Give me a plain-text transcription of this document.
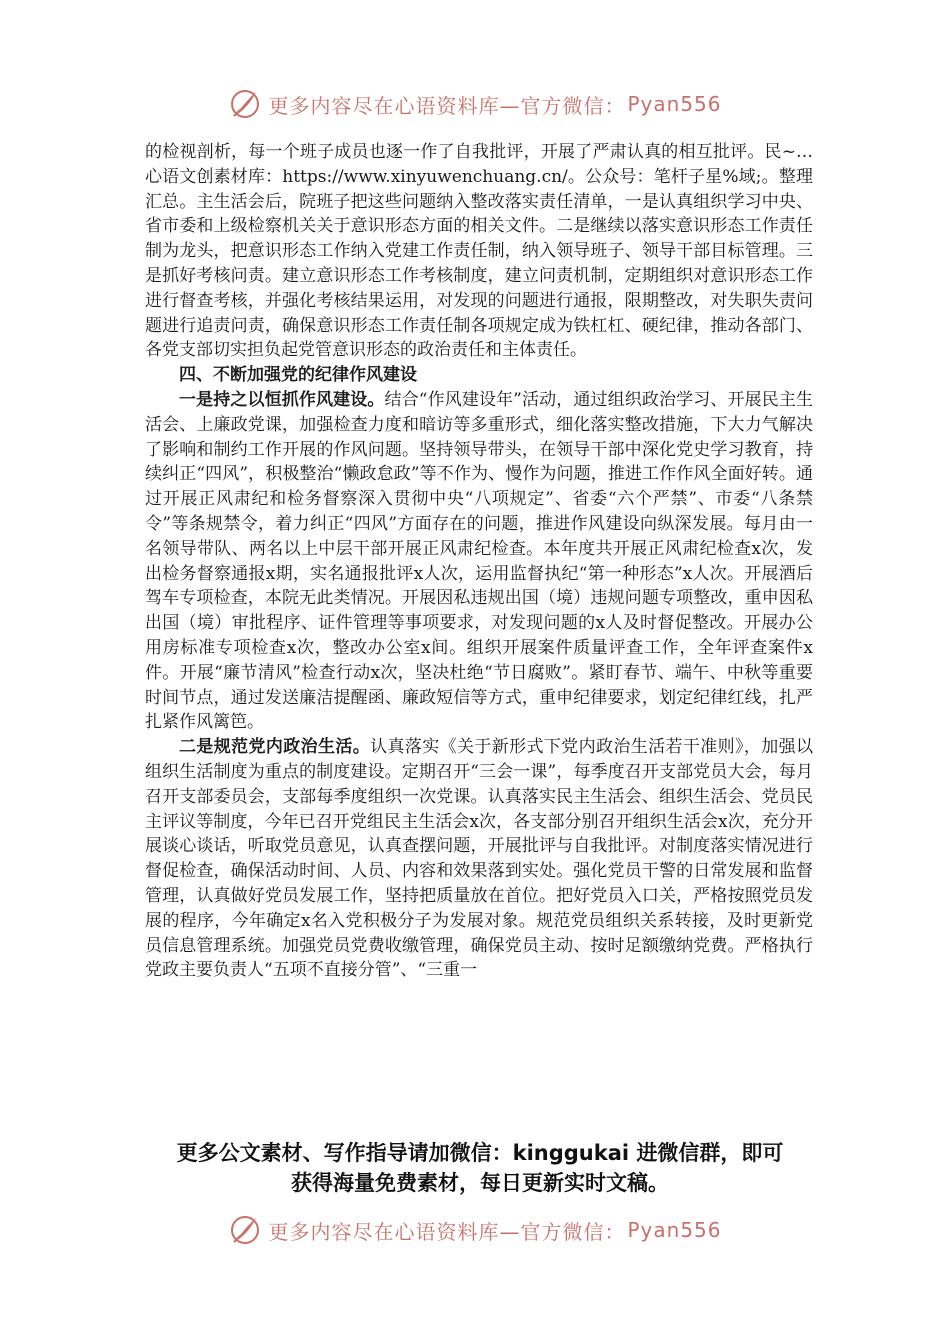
更多内容尽在心语资料库—官方微信： Pyan556

的检视剖析，每一个班子成员也逐一作了自我批评，开展了严肃认真的相互批评。民~…心语文创素材库：https://www.xinyuwenchuang.cn/。公众号：笔杆子星%域;。整理汇总。主生活会后，院班子把这些问题纳入整改落实责任清单，一是认真组织学习中央、省市委和上级检察机关关于意识形态方面的相关文件。二是继续以落实意识形态工作责任制为龙头，把意识形态工作纳入党建工作责任制，纳入领导班子、领导干部目标管理。三是抓好考核问责。建立意识形态工作考核制度，建立问责机制，定期组织对意识形态工作进行督查考核，并强化考核结果运用，对发现的问题进行通报，限期整改，对失职失责问题进行追责问责，确保意识形态工作责任制各项规定成为铁杠杠、硬纪律，推动各部门、各党支部切实担负起党管意识形态的政治责任和主体责任。

四、不断加强党的纪律作风建设

一是持之以恒抓作风建设。结合“作风建设年”活动，通过组织政治学习、开展民主生活会、上廉政党课，加强检查力度和暗访等多重形式，细化落实整改措施，下大力气解决了影响和制约工作开展的作风问题。坚持领导带头，在领导干部中深化党史学习教育，持续纠正“四风”，积极整治“懒政怠政”等不作为、慢作为问题，推进工作作风全面好转。通过开展正风肃纪和检务督察深入贯彻中央“八项规定”、省委“六个严禁”、市委“八条禁令”等条规禁令，着力纠正“四风”方面存在的问题，推进作风建设向纵深发展。每月由一名领导带队、两名以上中层干部开展正风肃纪检查。本年度共开展正风肃纪检查x次，发出检务督察通报x期，实名通报批评x人次，运用监督执纪“第一种形态”x人次。开展酒后驾车专项检查，本院无此类情况。开展因私违规出国（境）违规问题专项整改，重申因私出国（境）审批程序、证件管理等事项要求，对发现问题的x人及时督促整改。开展办公用房标准专项检查x次，整改办公室x间。组织开展案件质量评查工作，全年评查案件x件。开展“廉节清风”检查行动x次，坚决杜绝“节日腐败”。紧盯春节、端午、中秋等重要时间节点，通过发送廉洁提醒函、廉政短信等方式，重申纪律要求，划定纪律红线，扎严扎紧作风篱笆。

二是规范党内政治生活。认真落实《关于新形式下党内政治生活若干准则》，加强以组织生活制度为重点的制度建设。定期召开“三会一课”，每季度召开支部党员大会，每月召开支部委员会，支部每季度组织一次党课。认真落实民主生活会、组织生活会、党员民主评议等制度，今年已召开党组民主生活会x次，各支部分别召开组织生活会x次，充分开展谈心谈话，听取党员意见，认真查摆问题，开展批评与自我批评。对制度落实情况进行督促检查，确保活动时间、人员、内容和效果落到实处。强化党员干警的日常发展和监督管理，认真做好党员发展工作，坚持把质量放在首位。把好党员入口关，严格按照党员发展的程序，今年确定x名入党积极分子为发展对象。规范党员组织关系转接，及时更新党员信息管理系统。加强党员党费收缴管理，确保党员主动、按时足额缴纳党费。严格执行党政主要负责人“五项不直接分管”、“三重一

更多公文素材、写作指导请加微信：kinggukai 进微信群，即可
获得海量免费素材，每日更新实时文稿。
更多内容尽在心语资料库—官方微信： Pyan556
